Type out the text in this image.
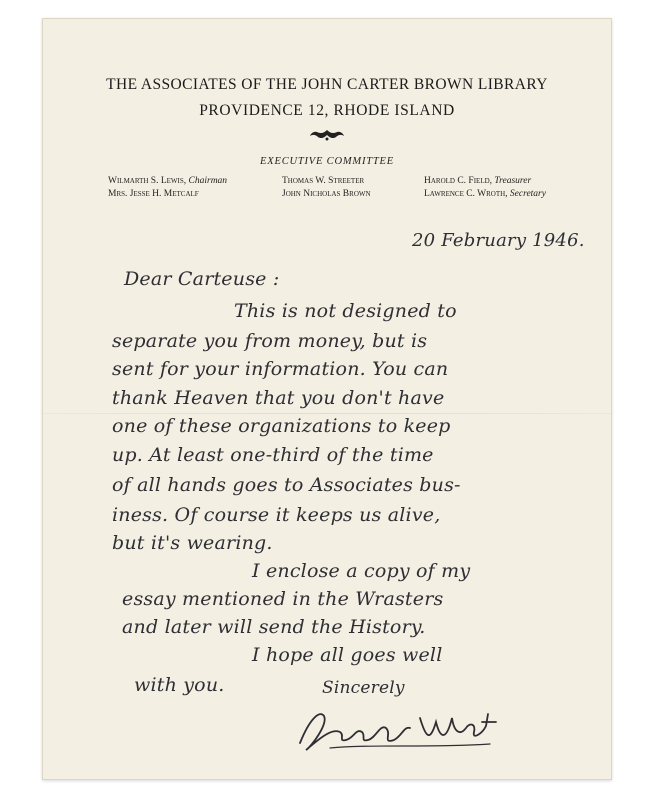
THE ASSOCIATES OF THE JOHN CARTER BROWN LIBRARY
PROVIDENCE 12, RHODE ISLAND
EXECUTIVE COMMITTEE
Wilmarth S. Lewis, Chairman
Mrs. Jesse H. Metcalf
Thomas W. Streeter
John Nicholas Brown
Harold C. Field, Treasurer
Lawrence C. Wroth, Secretary
20 February 1946.
Dear Carteuse :
This is not designed to
separate you from money, but is
sent for your information. You can
thank Heaven that you don't have
one of these organizations to keep
up. At least one-third of the time
of all hands goes to Associates bus-
iness. Of course it keeps us alive,
but it's wearing.
I enclose a copy of my
essay mentioned in the Wrasters
and later will send the History.
I hope all goes well
with you.	Sincerely
